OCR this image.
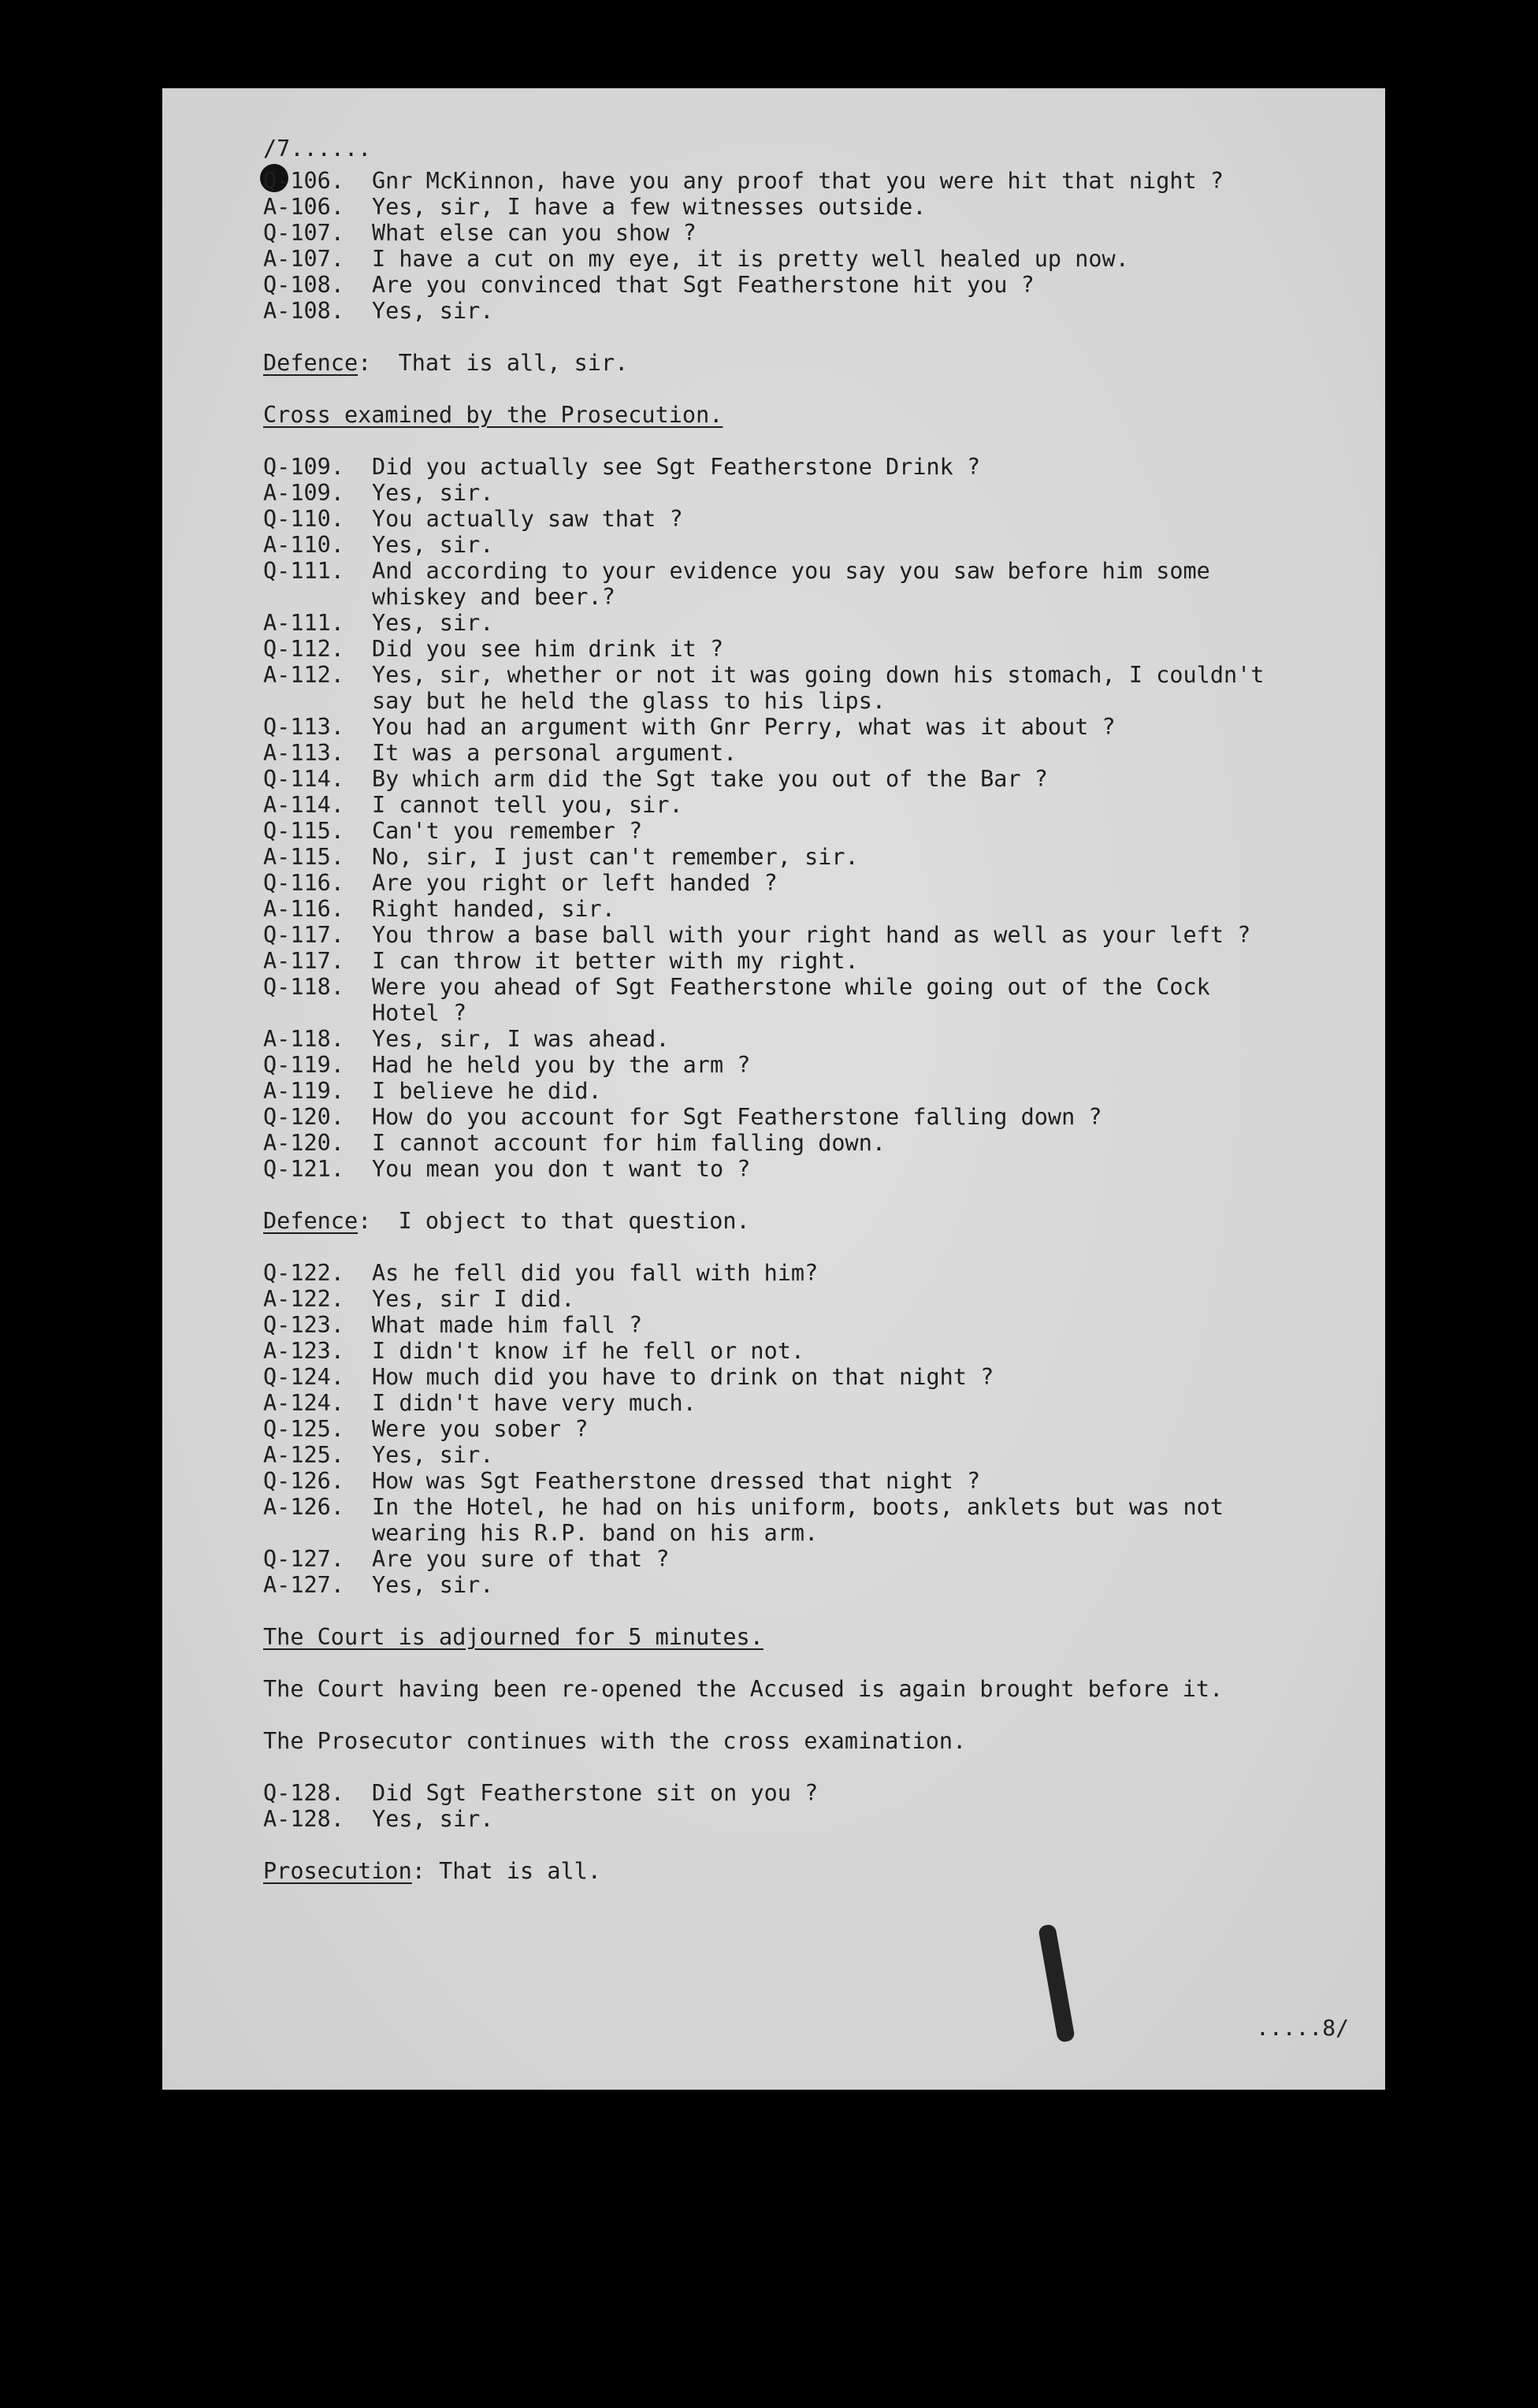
/7......
Q-106.	Gnr McKinnon, have you any proof that you were hit that night ?
A-106.	Yes, sir, I have a few witnesses outside.
Q-107.	What else can you show ?
A-107.	I have a cut on my eye, it is pretty well healed up now.
Q-108.	Are you convinced that Sgt Featherstone hit you ?
A-108.	Yes, sir.
Defence:  That is all, sir.
Cross examined by the Prosecution.
Q-109.	Did you actually see Sgt Featherstone Drink ?
A-109.	Yes, sir.
Q-110.	You actually saw that ?
A-110.	Yes, sir.
Q-111.	And according to your evidence you say you saw before him some
whiskey and beer.?
A-111.	Yes, sir.
Q-112.	Did you see him drink it ?
A-112.	Yes, sir, whether or not it was going down his stomach, I couldn't
say but he held the glass to his lips.
Q-113.	You had an argument with Gnr Perry, what was it about ?
A-113.	It was a personal argument.
Q-114.	By which arm did the Sgt take you out of the Bar ?
A-114.	I cannot tell you, sir.
Q-115.	Can't you remember ?
A-115.	No, sir, I just can't remember, sir.
Q-116.	Are you right or left handed ?
A-116.	Right handed, sir.
Q-117.	You throw a base ball with your right hand as well as your left ?
A-117.	I can throw it better with my right.
Q-118.	Were you ahead of Sgt Featherstone while going out of the Cock
Hotel ?
A-118.	Yes, sir, I was ahead.
Q-119.	Had he held you by the arm ?
A-119.	I believe he did.
Q-120.	How do you account for Sgt Featherstone falling down ?
A-120.	I cannot account for him falling down.
Q-121.	You mean you don t want to ?
Defence:  I object to that question.
Q-122.	As he fell did you fall with him?
A-122.	Yes, sir I did.
Q-123.	What made him fall ?
A-123.	I didn't know if he fell or not.
Q-124.	How much did you have to drink on that night ?
A-124.	I didn't have very much.
Q-125.	Were you sober ?
A-125.	Yes, sir.
Q-126.	How was Sgt Featherstone dressed that night ?
A-126.	In the Hotel, he had on his uniform, boots, anklets but was not
wearing his R.P. band on his arm.
Q-127.	Are you sure of that ?
A-127.	Yes, sir.
The Court is adjourned for 5 minutes.
The Court having been re-opened the Accused is again brought before it.
The Prosecutor continues with the cross examination.
Q-128.	Did Sgt Featherstone sit on you ?
A-128.	Yes, sir.
Prosecution: That is all.
.....8/
